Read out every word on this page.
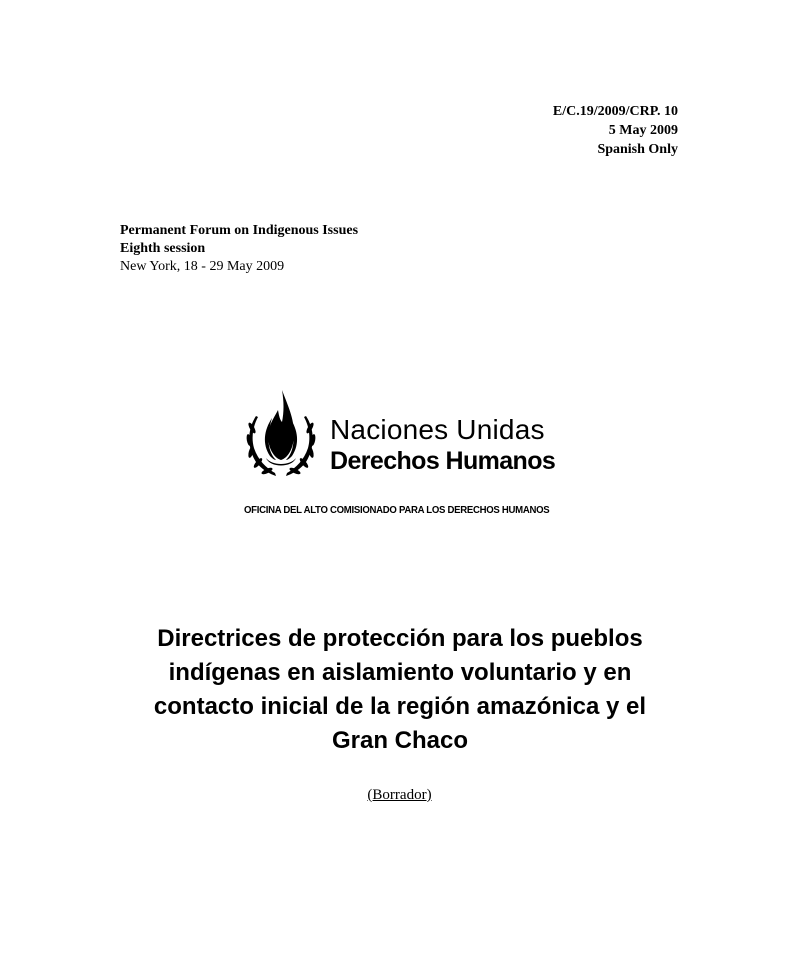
E/C.19/2009/CRP. 10
5 May 2009
Spanish Only
Permanent Forum on Indigenous Issues
Eighth session
New York, 18 - 29 May 2009
Naciones Unidas
Derechos Humanos
OFICINA DEL ALTO COMISIONADO PARA LOS DERECHOS HUMANOS
Directrices de protección para los pueblos
indígenas en aislamiento voluntario y en
contacto inicial de la región amazónica y el
Gran Chaco
(Borrador)
